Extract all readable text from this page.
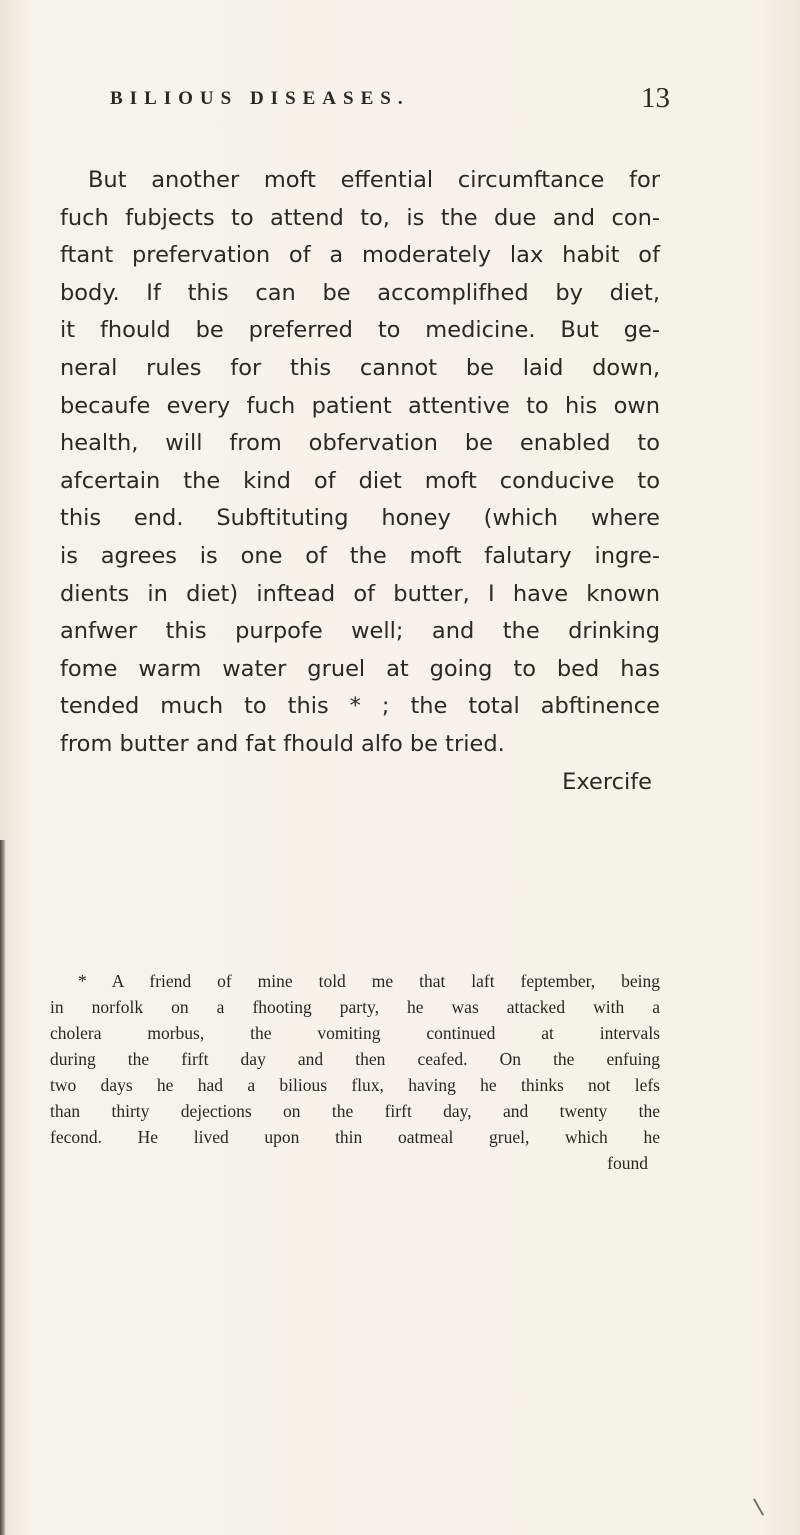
BILIOUS DISEASES.	13
But another moft effential circumftance for
fuch fubjects to attend to, is the due and con-
ftant prefervation of a moderately lax habit of
body. If this can be accomplifhed by diet,
it fhould be preferred to medicine. But ge-
neral rules for this cannot be laid down,
becaufe every fuch patient attentive to his own
health, will from obfervation be enabled to
afcertain the kind of diet moft conducive to
this end. Subftituting honey (which where
is agrees is one of the moft falutary ingre-
dients in diet) inftead of butter, I have known
anfwer this purpofe well; and the drinking
fome warm water gruel at going to bed has
tended much to this * ; the total abftinence
from butter and fat fhould alfo be tried.
Exercife
* A friend of mine told me that laft feptember, being
in norfolk on a fhooting party, he was attacked with a
cholera morbus, the vomiting continued at intervals
during the firft day and then ceafed. On the enfuing
two days he had a bilious flux, having he thinks not lefs
than thirty dejections on the firft day, and twenty the
fecond. He lived upon thin oatmeal gruel, which he
found
\
